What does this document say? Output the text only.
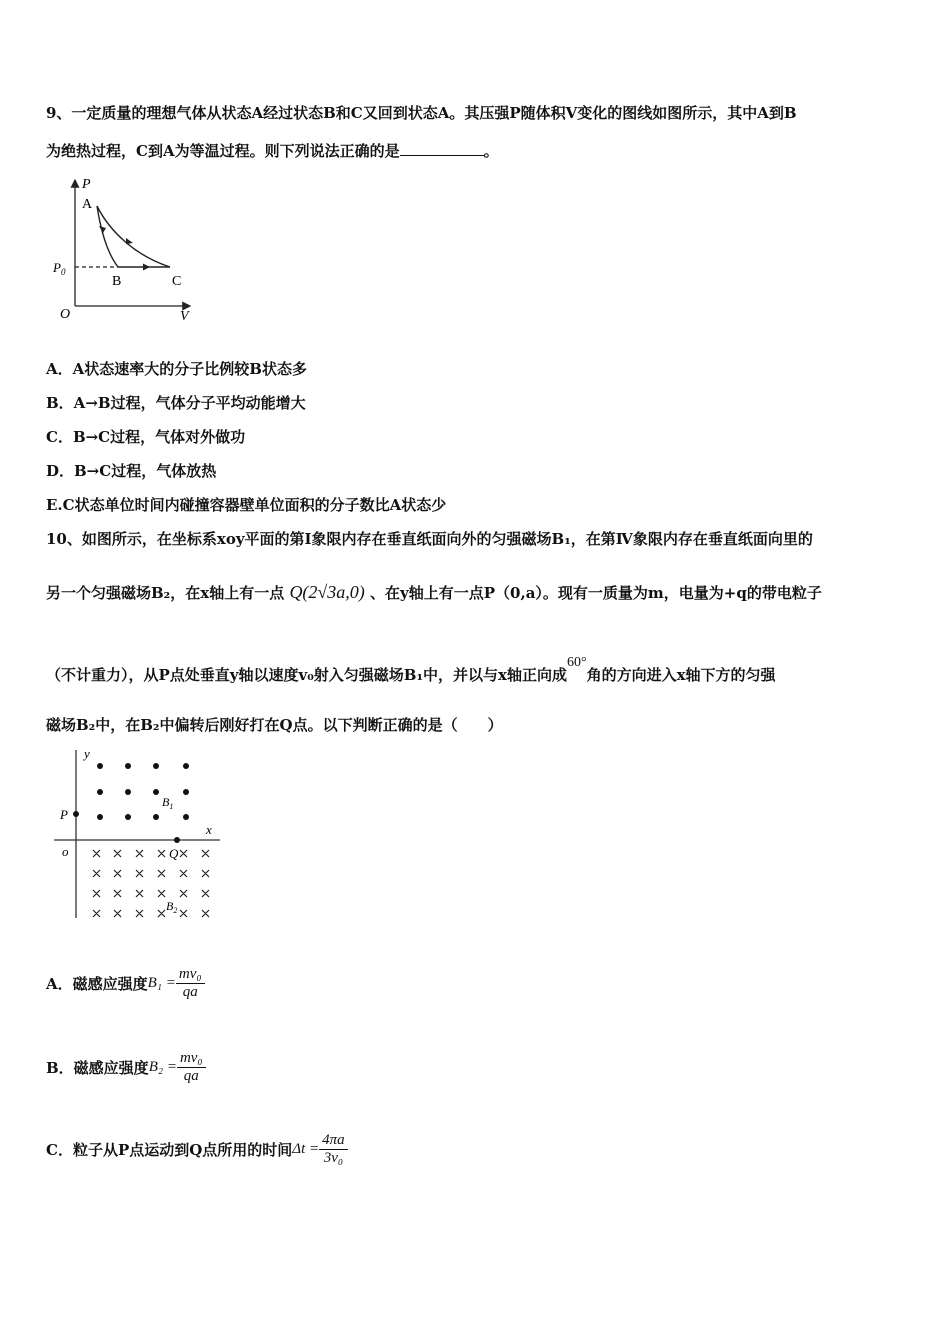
9、一定质量的理想气体从状态A经过状态B和C又回到状态A。其压强P随体积V变化的图线如图所示，其中A到B
为绝热过程，C到A为等温过程。则下列说法正确的是	。
P
V
O
$P_0$
A
B	C
A．A状态速率大的分子比例较B状态多
B．A→B过程，气体分子平均动能增大
C．B→C过程，气体对外做功
D．B→C过程，气体放热
E.C状态单位时间内碰撞容器壁单位面积的分子数比A状态少
10、如图所示，在坐标系xoy平面的第Ⅰ象限内存在垂直纸面向外的匀强磁场B₁，在第Ⅳ象限内存在垂直纸面向里的
另一个匀强磁场B₂，在x轴上有一点 Q(2√3a,0) 、在y轴上有一点P（0,a）。现有一质量为m，电量为+q的带电粒子
（不计重力），从P点处垂直y轴以速度v₀射入匀强磁场B₁中，并以与x轴正向成60°角的方向进入x轴下方的匀强
磁场B₂中，在B₂中偏转后刚好打在Q点。以下判断正确的是（　　）
y
x
o
P
Q
$B_1$
$B_2$
A．磁感应强度$B_1 = \frac{\text{mv₀}}{qa}$
B．磁感应强度$B_2 = \frac{\text{mv₀}}{qa}$
C．粒子从P点运动到Q点所用的时间$\Delta t = \frac{4\pi a}{\text{3v₀}}$
